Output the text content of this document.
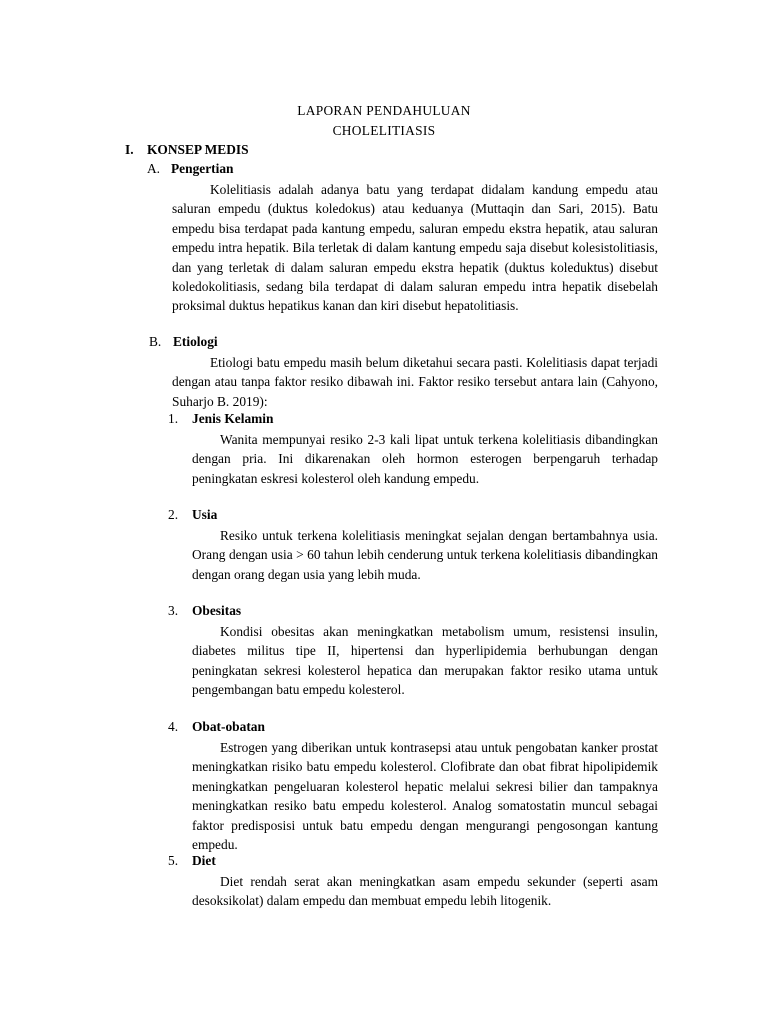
LAPORAN PENDAHULUAN
CHOLELITIASIS
I. KONSEP MEDIS
A. Pengertian
Kolelitiasis adalah adanya batu yang terdapat didalam kandung empedu atau saluran empedu (duktus koledokus) atau keduanya (Muttaqin dan Sari, 2015). Batu empedu bisa terdapat pada kantung empedu, saluran empedu ekstra hepatik, atau saluran empedu intra hepatik. Bila terletak di dalam kantung empedu saja disebut kolesistolitiasis, dan yang terletak di dalam saluran empedu ekstra hepatik (duktus koleduktus) disebut koledokolitiasis, sedang bila terdapat di dalam saluran empedu intra hepatik disebelah proksimal duktus hepatikus kanan dan kiri disebut hepatolitiasis.
B. Etiologi
Etiologi batu empedu masih belum diketahui secara pasti. Kolelitiasis dapat terjadi dengan atau tanpa faktor resiko dibawah ini. Faktor resiko tersebut antara lain (Cahyono, Suharjo B. 2019):
1. Jenis Kelamin
Wanita mempunyai resiko 2-3 kali lipat untuk terkena kolelitiasis dibandingkan dengan pria. Ini dikarenakan oleh hormon esterogen berpengaruh terhadap peningkatan eskresi kolesterol oleh kandung empedu.
2. Usia
Resiko untuk terkena kolelitiasis meningkat sejalan dengan bertambahnya usia. Orang dengan usia > 60 tahun lebih cenderung untuk terkena kolelitiasis dibandingkan dengan orang degan usia yang lebih muda.
3. Obesitas
Kondisi obesitas akan meningkatkan metabolism umum, resistensi insulin, diabetes militus tipe II, hipertensi dan hyperlipidemia berhubungan dengan peningkatan sekresi kolesterol hepatica dan merupakan faktor resiko utama untuk pengembangan batu empedu kolesterol.
4. Obat-obatan
Estrogen yang diberikan untuk kontrasepsi atau untuk pengobatan kanker prostat meningkatkan risiko batu empedu kolesterol. Clofibrate dan obat fibrat hipolipidemik meningkatkan pengeluaran kolesterol hepatic melalui sekresi bilier dan tampaknya meningkatkan resiko batu empedu kolesterol. Analog somatostatin muncul sebagai faktor predisposisi untuk batu empedu dengan mengurangi pengosongan kantung empedu.
5. Diet
Diet rendah serat akan meningkatkan asam empedu sekunder (seperti asam desoksikolat) dalam empedu dan membuat empedu lebih litogenik.
